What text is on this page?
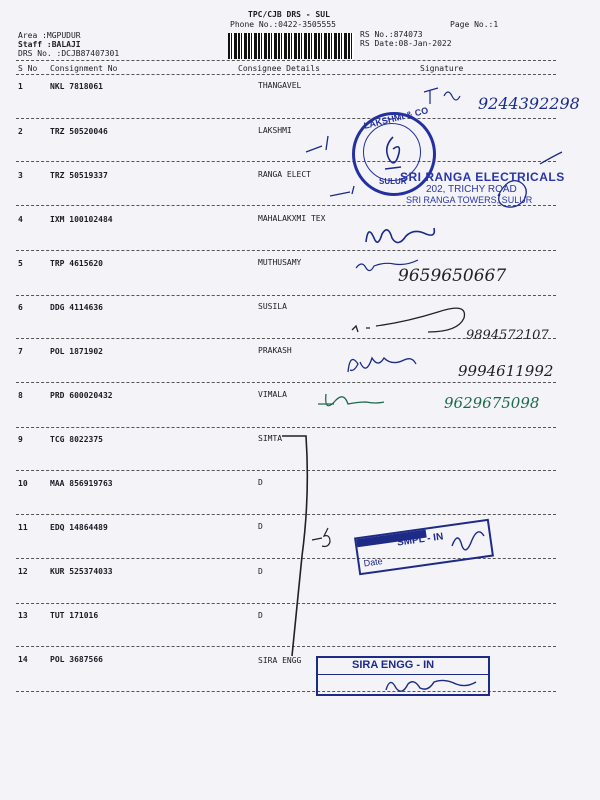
TPC/CJB DRS - SUL
Phone No.:0422-3505555	Page No.:1
Area :MGPUDUR
Staff :BALAJI
DRS No. :DCJB87407301
RS No.:874073
RS Date:08-Jan-2022
S No Consignment No	Consignee Details	Signature
1	NKL 7818061	THANGAVEL
2	TRZ 50520046	LAKSHMI
3	TRZ 50519337	RANGA ELECT
4	IXM 100102484	MAHALAKXMI TEX
5	TRP 4615620	MUTHUSAMY
6	DDG 4114636	SUSILA
7	POL 1871902	PRAKASH
8	PRD 600020432	VIMALA
9	TCG 8022375	SIMTA
10	MAA 856919763	D
11	EDQ 14864489	D
12	KUR 525374033	D
13	TUT 171016	D
14	POL 3687566	SIRA ENGG
9244392298
9659650667
9894572107
9994611992
9629675098
LAKSHMI & CO
SULUR
SRI RANGA ELECTRICALS
202, TRICHY ROAD
SRI RANGA TOWERS, SULUR
SMPL - IN
Date
SIRA ENGG - IN
